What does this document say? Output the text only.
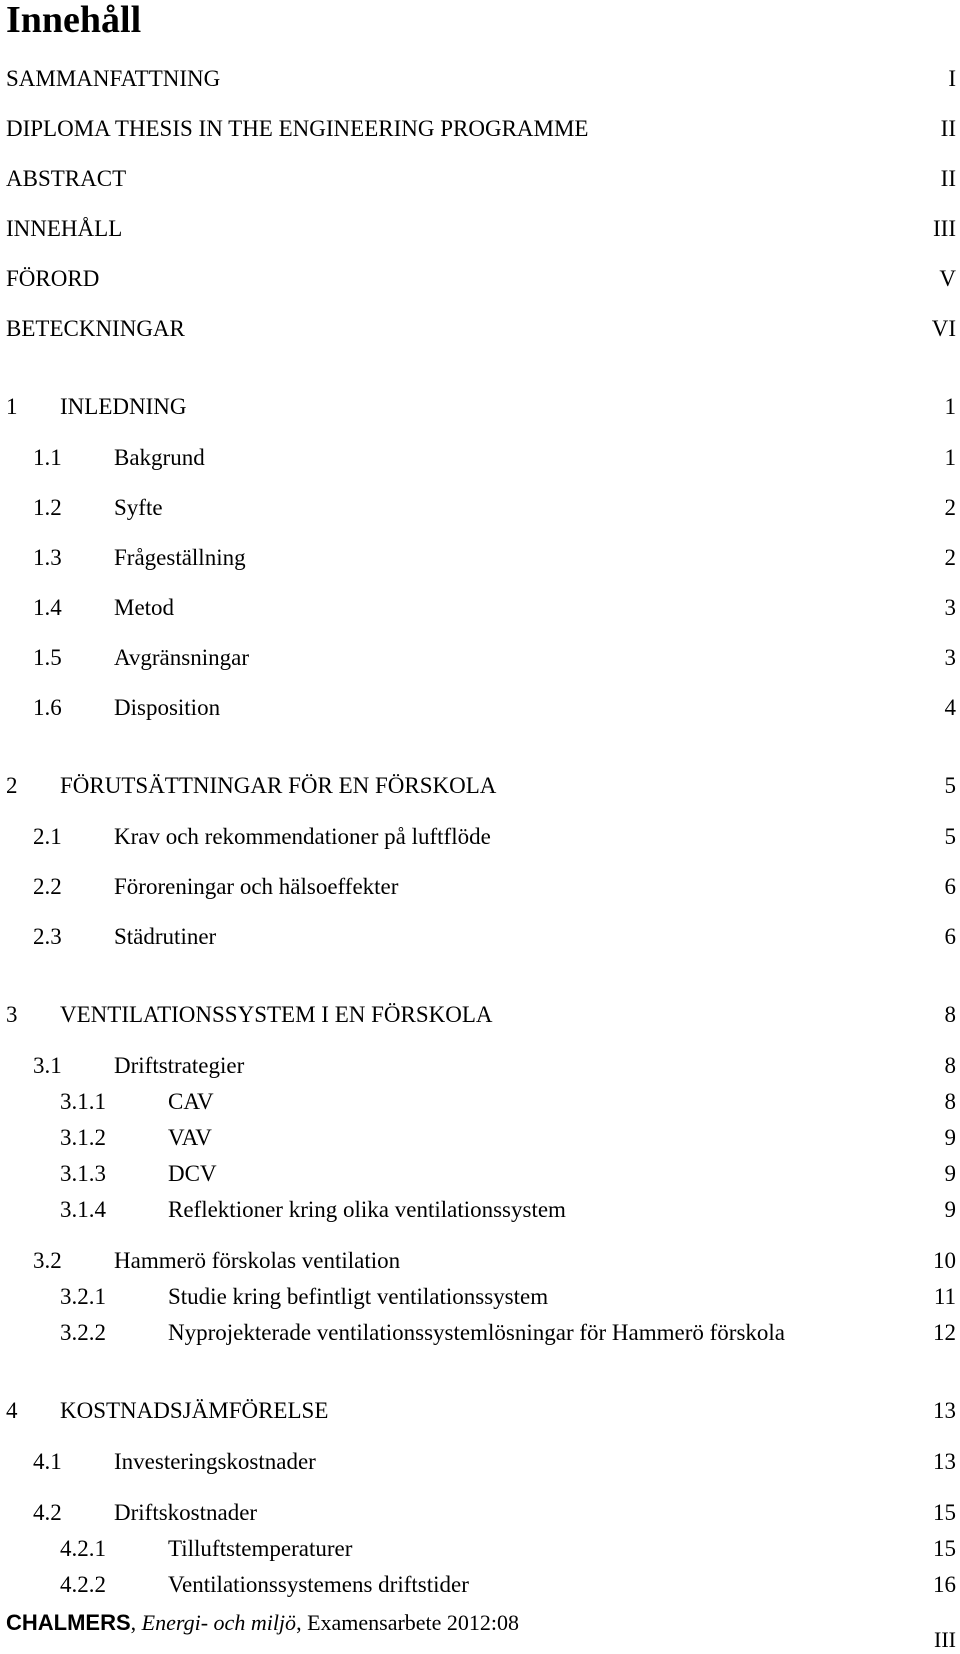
Innehåll
SAMMANFATTNING	I
DIPLOMA THESIS IN THE ENGINEERING PROGRAMME	II
ABSTRACT	II
INNEHÅLL	III
FÖRORD	V
BETECKNINGAR	VI
1 INLEDNING	1
1.1 Bakgrund	1
1.2 Syfte	2
1.3 Frågeställning	2
1.4 Metod	3
1.5 Avgränsningar	3
1.6 Disposition	4
2 FÖRUTSÄTTNINGAR FÖR EN FÖRSKOLA	5
2.1 Krav och rekommendationer på luftflöde	5
2.2 Föroreningar och hälsoeffekter	6
2.3 Städrutiner	6
3 VENTILATIONSSYSTEM I EN FÖRSKOLA	8
3.1 Driftstrategier	8
3.1.1	CAV	8
3.1.2	VAV	9
3.1.3	DCV	9
3.1.4	Reflektioner kring olika ventilationssystem	9
3.2 Hammerö förskolas ventilation	10
3.2.1	Studie kring befintligt ventilationssystem	11
3.2.2	Nyprojekterade ventilationssystemlösningar för Hammerö förskola	12
4 KOSTNADSJÄMFÖRELSE	13
4.1 Investeringskostnader	13
4.2 Driftskostnader	15
4.2.1	Tilluftstemperaturer	15
4.2.2	Ventilationssystemens driftstider	16
CHALMERS, Energi- och miljö, Examensarbete 2012:08
III
